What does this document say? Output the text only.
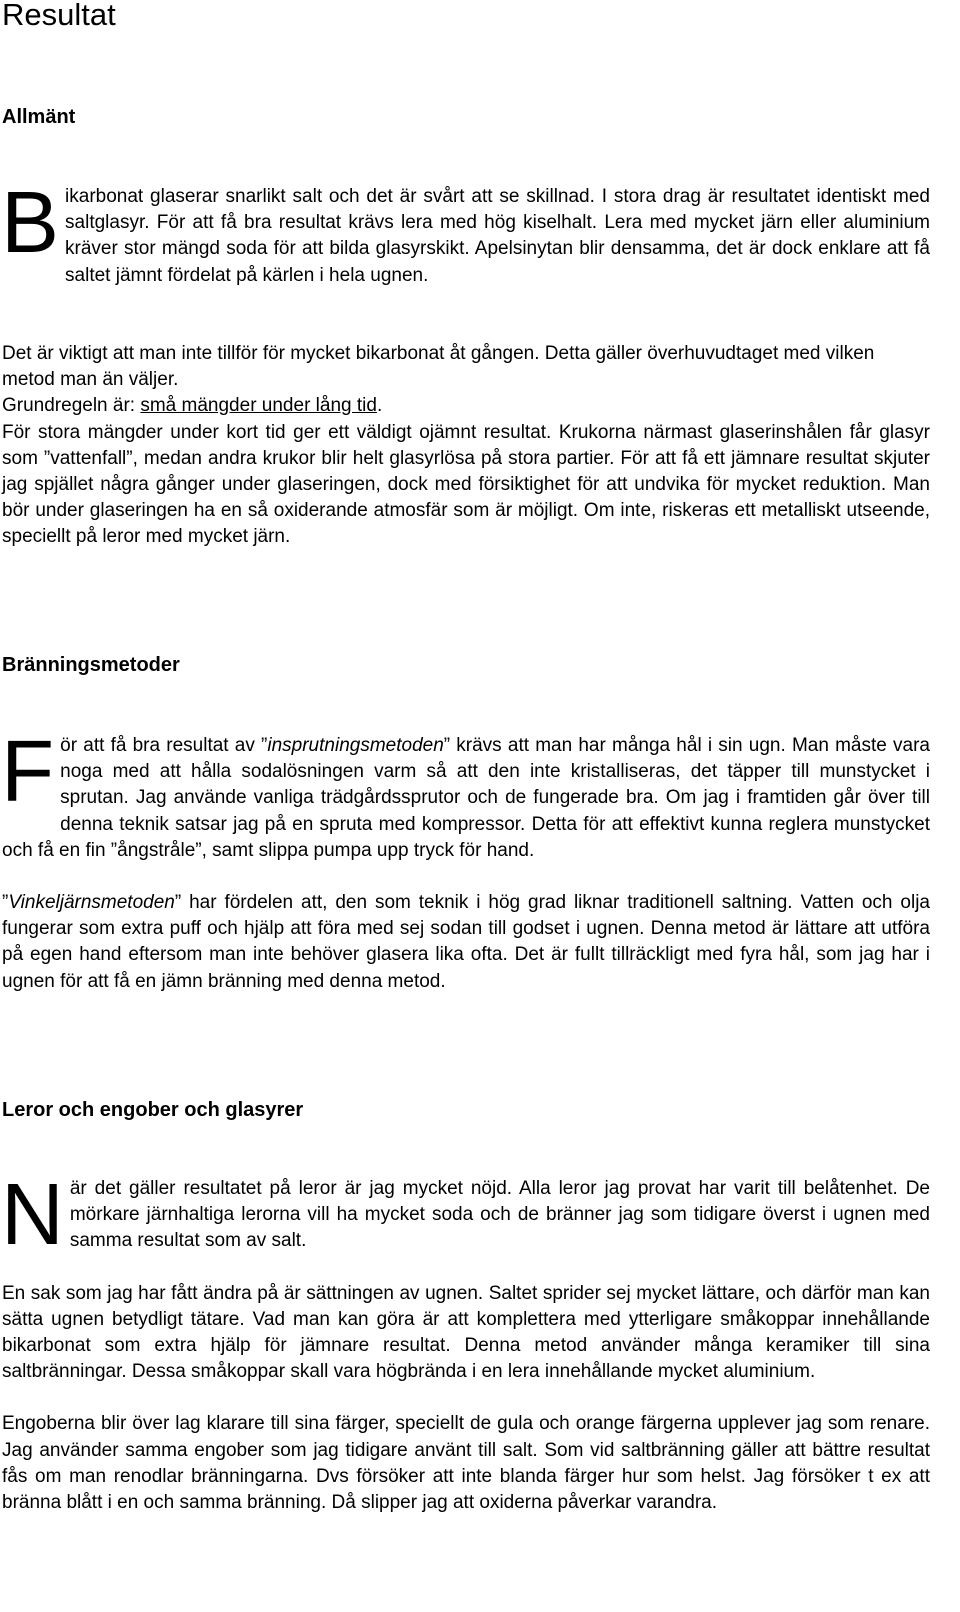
Resultat
Allmänt

B ikarbonat glaserar snarlikt salt och det är svårt att se skillnad. I stora drag är resultatet identiskt med saltglasyr. För att få bra resultat krävs lera med hög kiselhalt. Lera med mycket järn eller aluminium kräver stor mängd soda för att bilda glasyrskikt. Apelsinytan blir densamma, det är dock enklare att få saltet jämnt fördelat på kärlen i hela ugnen.

Det är viktigt att man inte tillför för mycket bikarbonat åt gången. Detta gäller överhuvudtaget med vilken metod man än väljer.

Grundregeln är: små mängder under lång tid.

För stora mängder under kort tid ger ett väldigt ojämnt resultat. Krukorna närmast glaserinshålen får glasyr som ”vattenfall”, medan andra krukor blir helt glasyrlösa på stora partier. För att få ett jämnare resultat skjuter jag spjället några gånger under glaseringen, dock med försiktighet för att undvika för mycket reduktion. Man bör under glaseringen ha en så oxiderande atmosfär som är möjligt. Om inte, riskeras ett metalliskt utseende, speciellt på leror med mycket järn.

Bränningsmetoder

F ör att få bra resultat av ”insprutningsmetoden” krävs att man har många hål i sin ugn. Man måste vara noga med att hålla sodalösningen varm så att den inte kristalliseras, det täpper till munstycket i sprutan. Jag använde vanliga trädgårdssprutor och de fungerade bra. Om jag i framtiden går över till denna teknik satsar jag på en spruta med kompressor. Detta för att effektivt kunna reglera munstycket och få en fin ”ångstråle”, samt slippa pumpa upp tryck för hand.

”Vinkeljärnsmetoden” har fördelen att, den som teknik i hög grad liknar traditionell saltning. Vatten och olja fungerar som extra puff och hjälp att föra med sej sodan till godset i ugnen. Denna metod är lättare att utföra på egen hand eftersom man inte behöver glasera lika ofta. Det är fullt tillräckligt med fyra hål, som jag har i ugnen för att få en jämn bränning med denna metod.

Leror och engober och glasyrer

N är det gäller resultatet på leror är jag mycket nöjd. Alla leror jag provat har varit till belåtenhet. De mörkare järnhaltiga lerorna vill ha mycket soda och de bränner jag som tidigare överst i ugnen med samma resultat som av salt.

En sak som jag har fått ändra på är sättningen av ugnen. Saltet sprider sej mycket lättare, och därför man kan sätta ugnen betydligt tätare. Vad man kan göra är att komplettera med ytterligare småkoppar innehållande bikarbonat som extra hjälp för jämnare resultat. Denna metod använder många keramiker till sina saltbränningar. Dessa småkoppar skall vara högbrända i en lera innehållande mycket aluminium.

Engoberna blir över lag klarare till sina färger, speciellt de gula och orange färgerna upplever jag som renare. Jag använder samma engober som jag tidigare använt till salt. Som vid saltbränning gäller att bättre resultat fås om man renodlar bränningarna. Dvs försöker att inte blanda färger hur som helst. Jag försöker t ex att bränna blått i en och samma bränning. Då slipper jag att oxiderna påverkar varandra.
